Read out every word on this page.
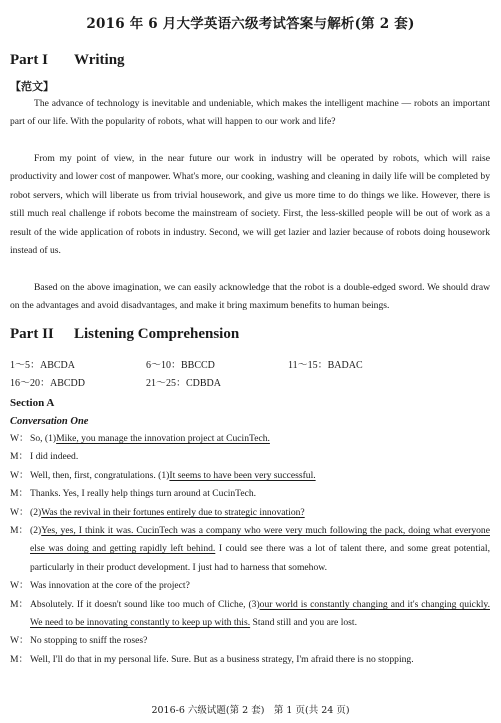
2016 年 6 月大学英语六级考试答案与解析(第 2 套)
Part I Writing
【范文】

The advance of technology is inevitable and undeniable, which makes the intelligent machine — robots an important part of our life. With the popularity of robots, what will happen to our work and life?

From my point of view, in the near future our work in industry will be operated by robots, which will raise productivity and lower cost of manpower. What's more, our cooking, washing and cleaning in daily life will be completed by robot servers, which will liberate us from trivial housework, and give us more time to do things we like. However, there is still much real challenge if robots become the mainstream of society. First, the less-skilled people will be out of work as a result of the wide application of robots in industry. Second, we will get lazier and lazier because of robots doing housework instead of us.

Based on the above imagination, we can easily acknowledge that the robot is a double-edged sword. We should draw on the advantages and avoid disadvantages, and make it bring maximum benefits to human beings.

Part II Listening Comprehension
1～5：ABCDA	6～10：BBCCD	11～15：BADAC
16～20：ABCDD	21～25：CDBDA
Section A
Conversation One
W： So, (1)Mike, you manage the innovation project at CucinTech.
M： I did indeed.
W： Well, then, first, congratulations. (1)It seems to have been very successful.
M： Thanks. Yes, I really help things turn around at CucinTech.
W： (2)Was the revival in their fortunes entirely due to strategic innovation?
M： (2)Yes, yes, I think it was. CucinTech was a company who were very much following the pack, doing what everyone else was doing and getting rapidly left behind. I could see there was a lot of talent there, and some great potential, particularly in their product development. I just had to harness that somehow.
W： Was innovation at the core of the project?
M： Absolutely. If it doesn't sound like too much of Cliche, (3)our world is constantly changing and it's changing quickly. We need to be innovating constantly to keep up with this. Stand still and you are lost.
W： No stopping to sniff the roses?
M： Well, I'll do that in my personal life. Sure. But as a business strategy, I'm afraid there is no stopping.
2016-6 六级试题(第 2 套)　第 1 页(共 24 页)
